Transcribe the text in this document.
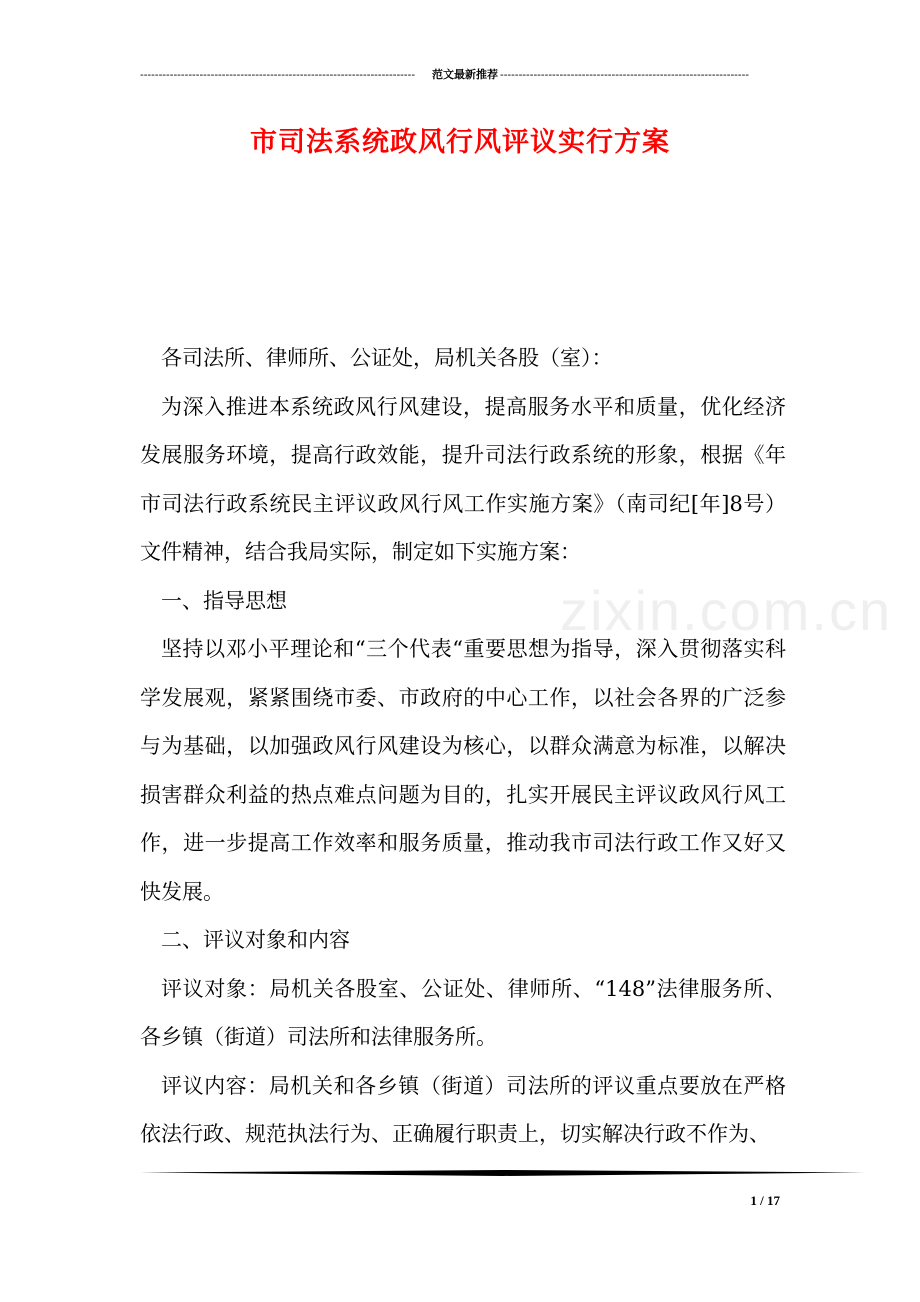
-------------------------------------------------------------------------- 范文最新推荐 -------------------------------------------------------------------
市司法系统政风行风评议实行方案
zixin.com.cn

各司法所、律师所、公证处，局机关各股（室）：

为深入推进本系统政风行风建设，提高服务水平和质量，优化经济发展服务环境，提高行政效能，提升司法行政系统的形象，根据《年市司法行政系统民主评议政风行风工作实施方案》（南司纪[年]8号）文件精神，结合我局实际，制定如下实施方案：

一、指导思想

坚持以邓小平理论和“三个代表“重要思想为指导，深入贯彻落实科学发展观，紧紧围绕市委、市政府的中心工作，以社会各界的广泛参与为基础，以加强政风行风建设为核心，以群众满意为标准，以解决损害群众利益的热点难点问题为目的，扎实开展民主评议政风行风工作，进一步提高工作效率和服务质量，推动我市司法行政工作又好又快发展。

二、评议对象和内容

评议对象：局机关各股室、公证处、律师所、“148”法律服务所、各乡镇（街道）司法所和法律服务所。

评议内容：局机关和各乡镇（街道）司法所的评议重点要放在严格依法行政、规范执法行为、正确履行职责上，切实解决行政不作为、

1 / 17
